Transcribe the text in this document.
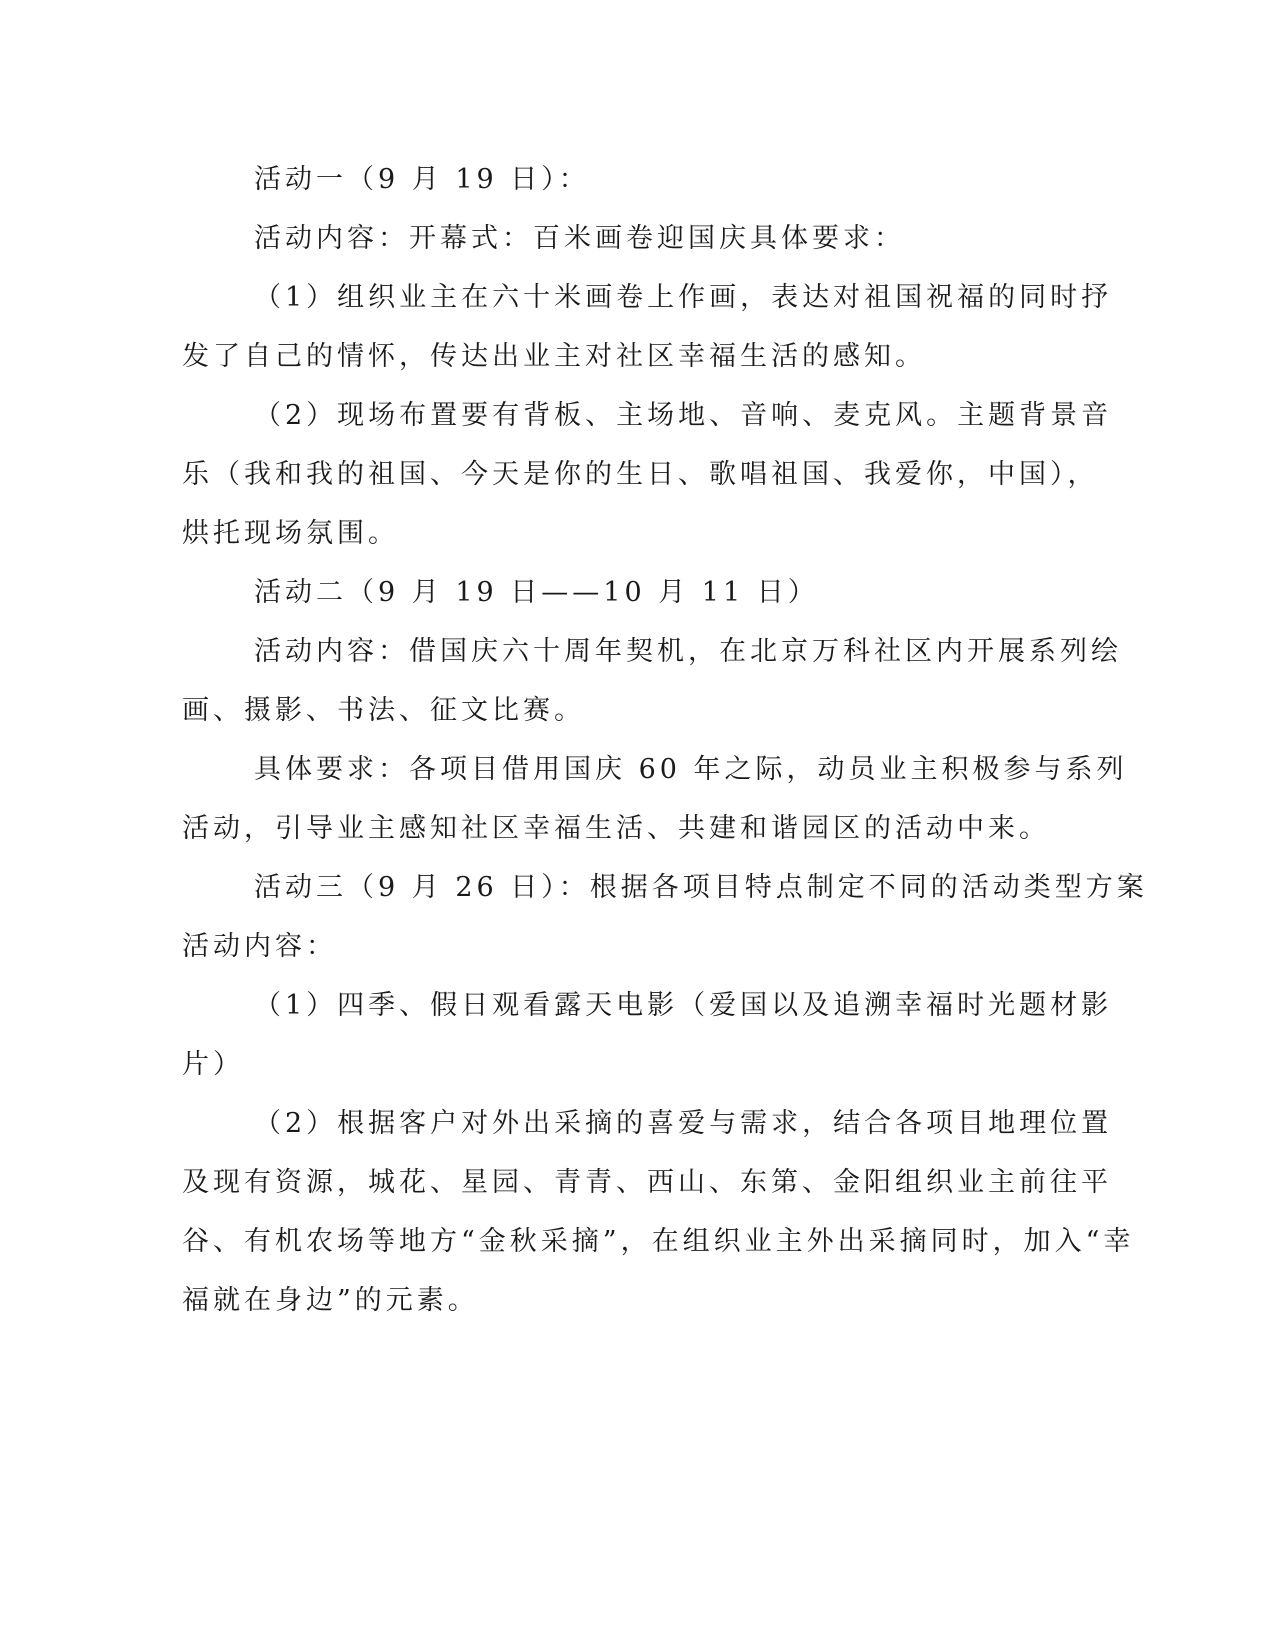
活动一（9 月 19 日）：
活动内容：开幕式：百米画卷迎国庆具体要求：
（1）组织业主在六十米画卷上作画，表达对祖国祝福的同时抒
发了自己的情怀，传达出业主对社区幸福生活的感知。
（2）现场布置要有背板、主场地、音响、麦克风。主题背景音
乐（我和我的祖国、今天是你的生日、歌唱祖国、我爱你，中国），
烘托现场氛围。
活动二（9 月 19 日——10 月 11 日）
活动内容：借国庆六十周年契机，在北京万科社区内开展系列绘
画、摄影、书法、征文比赛。
具体要求：各项目借用国庆 60 年之际，动员业主积极参与系列
活动，引导业主感知社区幸福生活、共建和谐园区的活动中来。
活动三（9 月 26 日）：根据各项目特点制定不同的活动类型方案
活动内容：
（1）四季、假日观看露天电影（爱国以及追溯幸福时光题材影
片）
（2）根据客户对外出采摘的喜爱与需求，结合各项目地理位置
及现有资源，城花、星园、青青、西山、东第、金阳组织业主前往平
谷、有机农场等地方“金秋采摘”，在组织业主外出采摘同时，加入“幸
福就在身边”的元素。
